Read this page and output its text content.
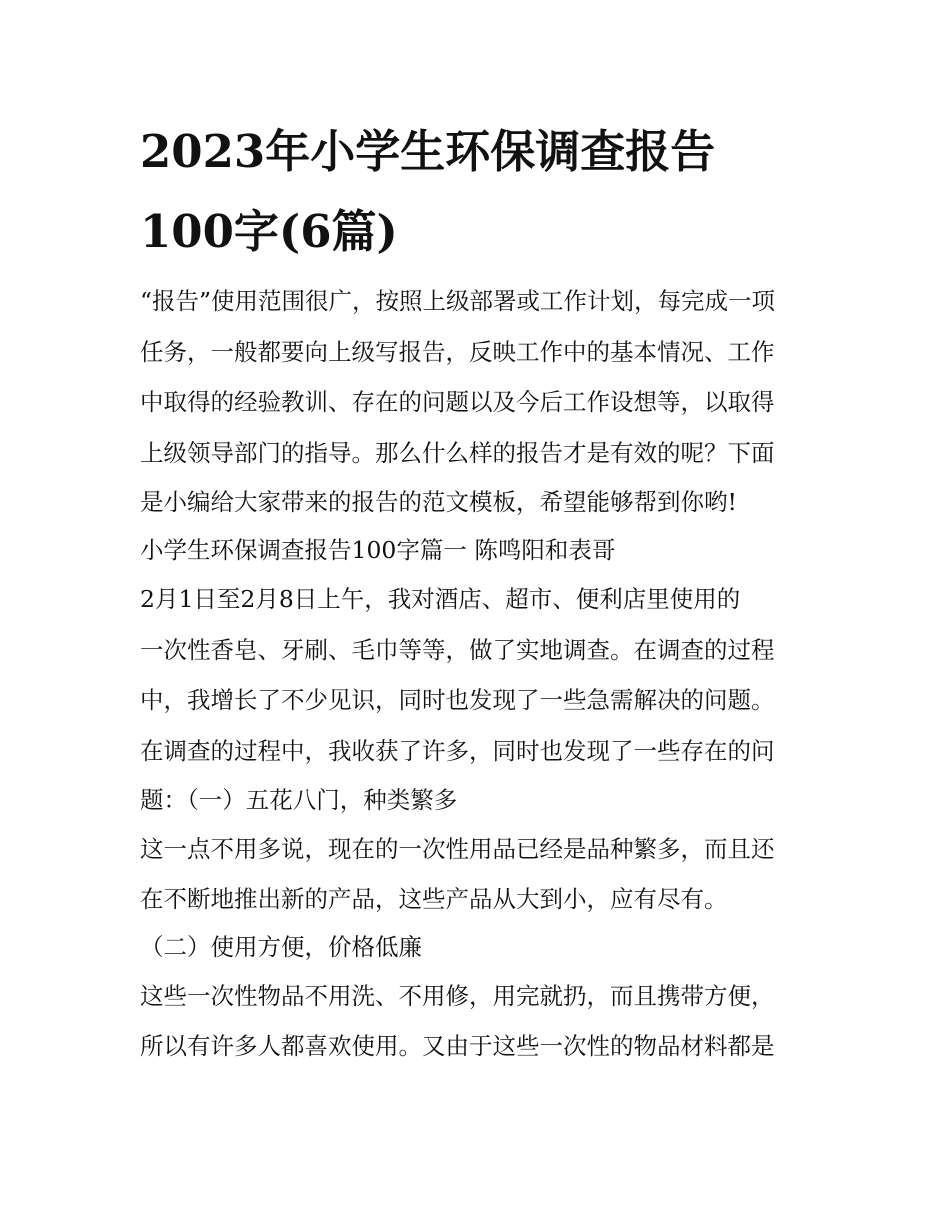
2023年小学生环保调查报告
100字(6篇)
“报告”使用范围很广，按照上级部署或工作计划，每完成一项
任务，一般都要向上级写报告，反映工作中的基本情况、工作
中取得的经验教训、存在的问题以及今后工作设想等，以取得
上级领导部门的指导。那么什么样的报告才是有效的呢？下面
是小编给大家带来的报告的范文模板，希望能够帮到你哟!
小学生环保调查报告100字篇一 陈鸣阳和表哥
2月1日至2月8日上午，我对酒店、超市、便利店里使用的
一次性香皂、牙刷、毛巾等等，做了实地调查。在调查的过程
中，我增长了不少见识，同时也发现了一些急需解决的问题。
在调查的过程中，我收获了许多，同时也发现了一些存在的问
题：（一）五花八门，种类繁多
这一点不用多说，现在的一次性用品已经是品种繁多，而且还
在不断地推出新的产品，这些产品从大到小，应有尽有。
（二）使用方便，价格低廉
这些一次性物品不用洗、不用修，用完就扔，而且携带方便，
所以有许多人都喜欢使用。又由于这些一次性的物品材料都是
